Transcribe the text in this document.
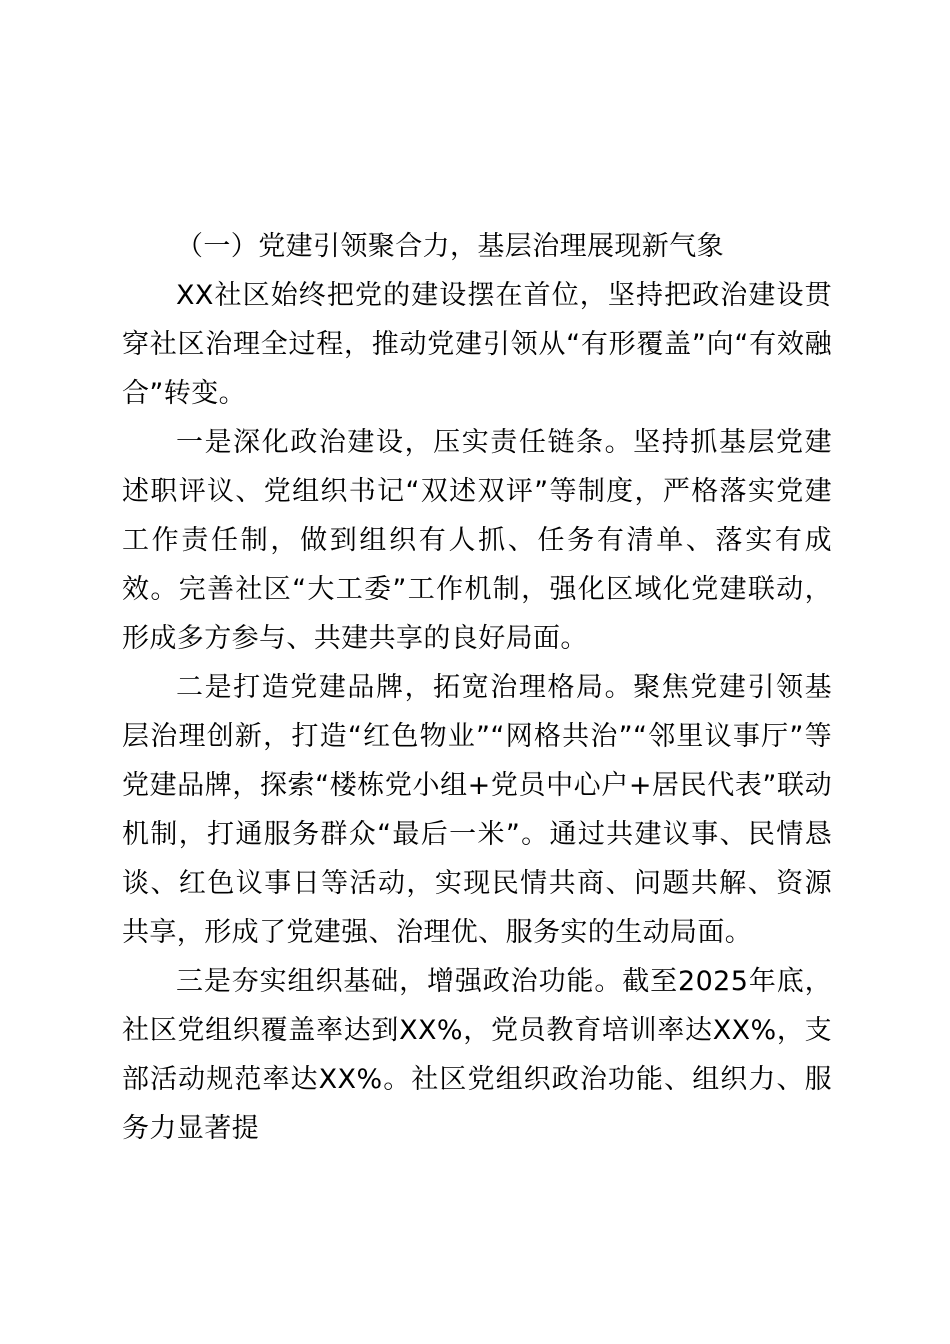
（一）党建引领聚合力，基层治理展现新气象

XX社区始终把党的建设摆在首位，坚持把政治建设贯穿社区治理全过程，推动党建引领从“有形覆盖”向“有效融合”转变。

一是深化政治建设，压实责任链条。坚持抓基层党建述职评议、党组织书记“双述双评”等制度，严格落实党建工作责任制，做到组织有人抓、任务有清单、落实有成效。完善社区“大工委”工作机制，强化区域化党建联动，形成多方参与、共建共享的良好局面。

二是打造党建品牌，拓宽治理格局。聚焦党建引领基层治理创新，打造“红色物业”“网格共治”“邻里议事厅”等党建品牌，探索“楼栋党小组+党员中心户+居民代表”联动机制，打通服务群众“最后一米”。通过共建议事、民情恳谈、红色议事日等活动，实现民情共商、问题共解、资源共享，形成了党建强、治理优、服务实的生动局面。

三是夯实组织基础，增强政治功能。截至2025年底，社区党组织覆盖率达到XX%，党员教育培训率达XX%，支部活动规范率达XX%。社区党组织政治功能、组织力、服务力显著提
